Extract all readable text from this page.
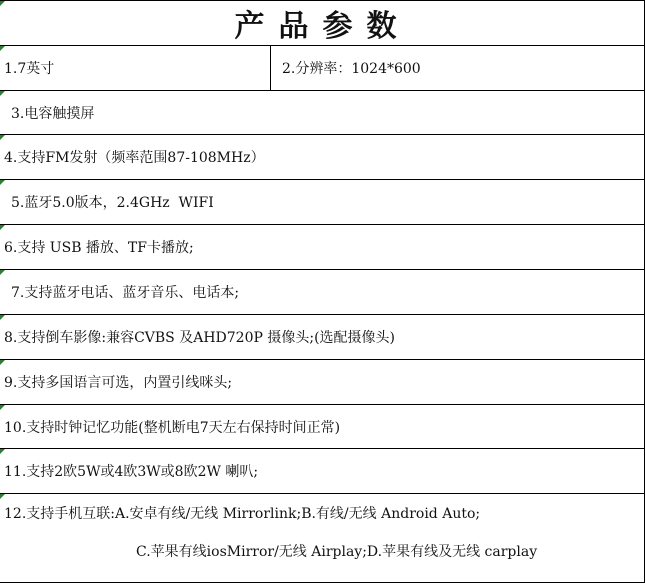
产品参数
1.7英寸	2.分辨率：1024*600
3.电容触摸屏
4.支持FM发射（频率范围87-108MHz）
5.蓝牙5.0版本，2.4GHz  WIFI
6.支持 USB 播放、TF卡播放;
7.支持蓝牙电话、蓝牙音乐、电话本;
8.支持倒车影像:兼容CVBS 及AHD720P 摄像头;(选配摄像头)
9.支持多国语言可选，内置引线咪头;
10.支持时钟记忆功能(整机断电7天左右保持时间正常)
11.支持2欧5W或4欧3W或8欧2W 喇叭;
12.支持手机互联:A.安卓有线/无线 Mirrorlink;B.有线/无线 Android Auto;
C.苹果有线iosMirror/无线 Airplay;D.苹果有线及无线 carplay
